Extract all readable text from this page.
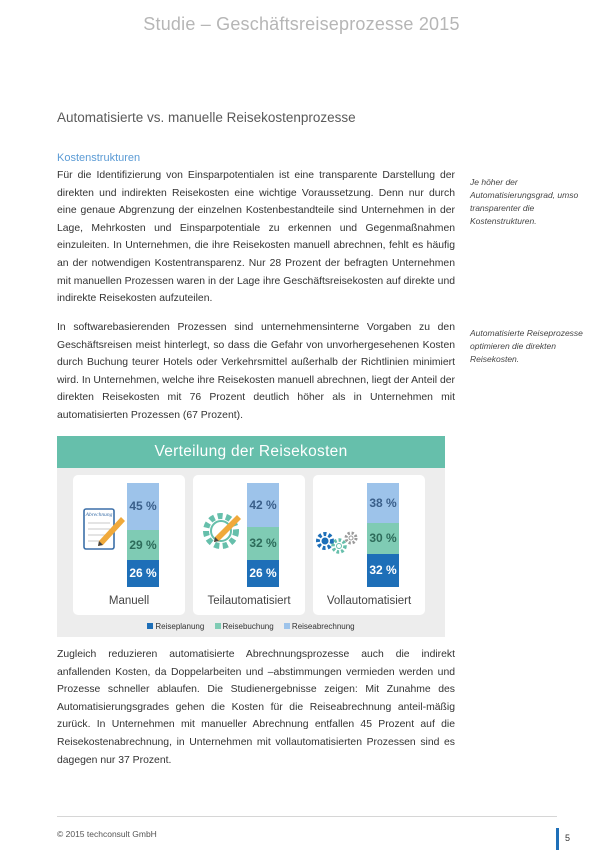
Studie – Geschäftsreiseprozesse 2015
Automatisierte vs. manuelle Reisekostenprozesse
Kostenstrukturen

Für die Identifizierung von Einsparpotentialen ist eine transparente Darstellung der direkten und indirekten Reisekosten eine wichtige Voraussetzung. Denn nur durch eine genaue Abgrenzung der einzelnen Kostenbestandteile sind Unternehmen in der Lage, Mehrkosten und Einsparpotentiale zu erkennen und Gegenmaßnahmen einzuleiten. In Unternehmen, die ihre Reisekosten manuell abrechnen, fehlt es häufig an der notwendigen Kostentransparenz. Nur 28 Prozent der befragten Unternehmen mit manuellen Prozessen waren in der Lage ihre Geschäftsreisekosten auf direkte und indirekte Reisekosten aufzuteilen.

In softwarebasierenden Prozessen sind unternehmensinterne Vorgaben zu den Geschäftsreisen meist hinterlegt, so dass die Gefahr von unvorhergesehenen Kosten durch Buchung teurer Hotels oder Verkehrsmittel außerhalb der Richtlinien minimiert wird. In Unternehmen, welche ihre Reisekosten manuell abrechnen, liegt der Anteil der direkten Reisekosten mit 76 Prozent deutlich höher als in Unternehmen mit automatisierten Prozessen (67 Prozent).

Je höher der Automatisierungsgrad, umso transparenter die Kostenstrukturen.
Automatisierte Reiseprozesse optimieren die direkten Reisekosten.
Verteilung der Reisekosten
Abrechnung
45 %
29 %
26 %
Manuell
42 %
32 %
26 %
Teilautomatisiert
38 %
30 %
32 %
Vollautomatisiert
Reiseplanung Reisebuchung Reiseabrechnung

Zugleich reduzieren automatisierte Abrechnungsprozesse auch die indirekt anfallenden Kosten, da Doppelarbeiten und –abstimmungen vermieden werden und Prozesse schneller ablaufen. Die Studienergebnisse zeigen: Mit Zunahme des Automatisierungsgrades gehen die Kosten für die Reiseabrechnung anteil-mäßig zurück. In Unternehmen mit manueller Abrechnung entfallen 45 Prozent auf die Reisekostenabrechnung, in Unternehmen mit vollautomatisierten Prozessen sind es dagegen nur 37 Prozent.

© 2015 techconsult GmbH	5
